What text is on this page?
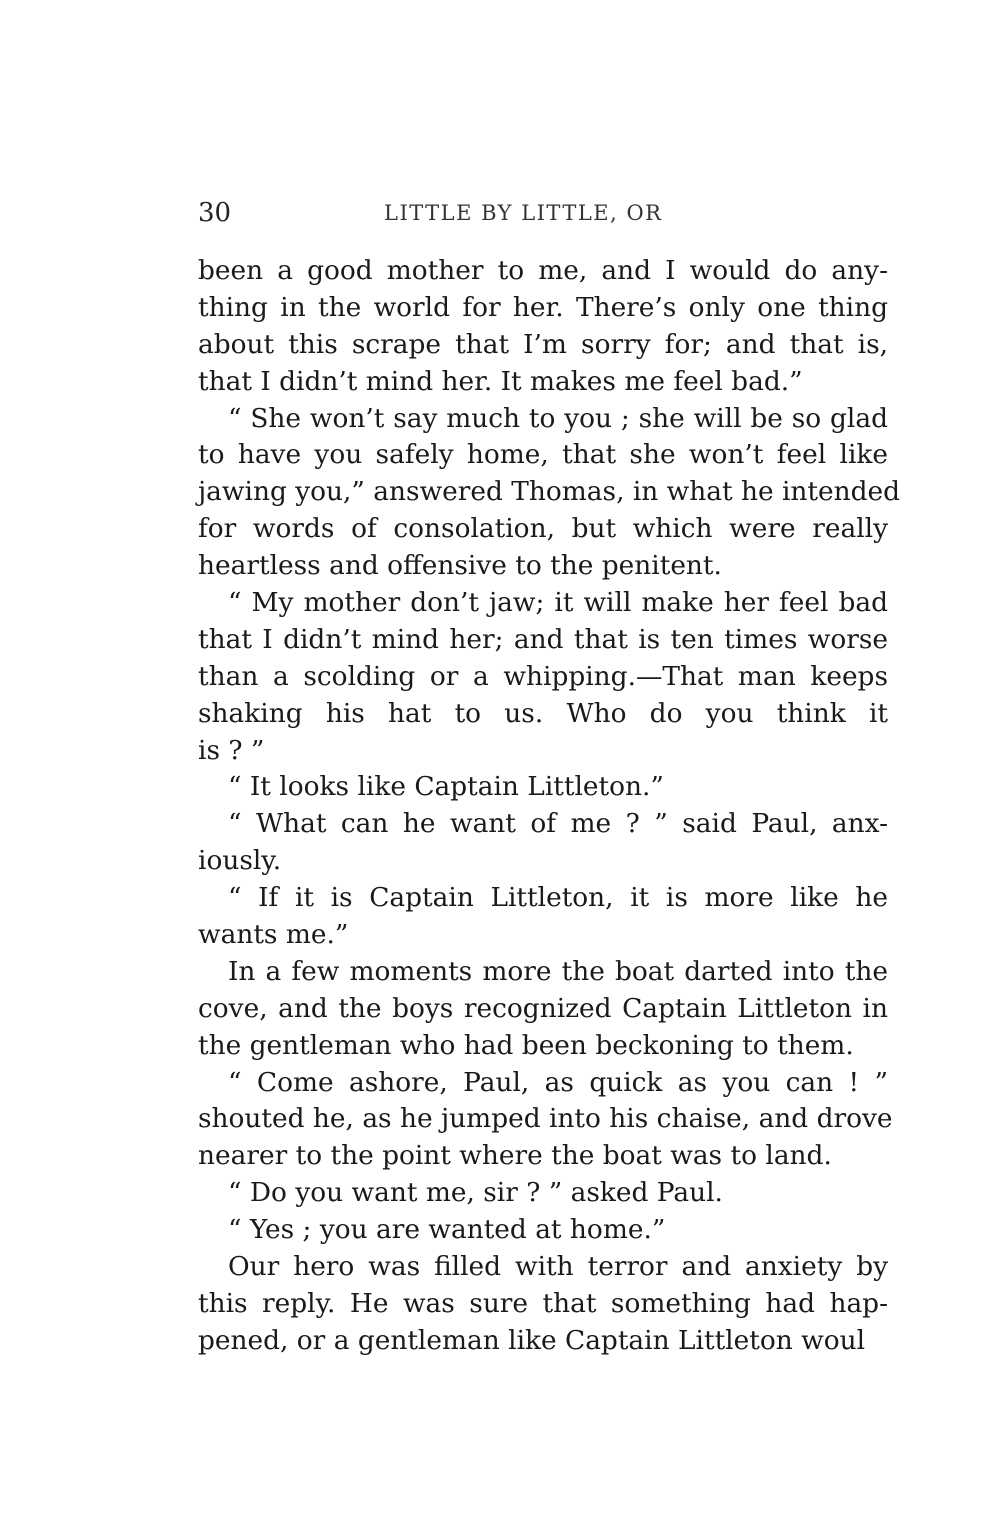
30	LITTLE BY LITTLE, OR
been a good mother to me, and I would do any-
thing in the world for her. There’s only one thing
about this scrape that I’m sorry for; and that is,
that I didn’t mind her. It makes me feel bad.”
“ She won’t say much to you ; she will be so glad
to have you safely home, that she won’t feel like
jawing you,” answered Thomas, in what he intended
for words of consolation, but which were really
heartless and offensive to the penitent.
“ My mother don’t jaw; it will make her feel bad
that I didn’t mind her; and that is ten times worse
than a scolding or a whipping.—That man keeps
shaking his hat to us. Who do you think it
is ? ”
“ It looks like Captain Littleton.”
“ What can he want of me ? ” said Paul, anx-
iously.
“ If it is Captain Littleton, it is more like he
wants me.”
In a few moments more the boat darted into the
cove, and the boys recognized Captain Littleton in
the gentleman who had been beckoning to them.
“ Come ashore, Paul, as quick as you can ! ”
shouted he, as he jumped into his chaise, and drove
nearer to the point where the boat was to land.
“ Do you want me, sir ? ” asked Paul.
“ Yes ; you are wanted at home.”
Our hero was filled with terror and anxiety by
this reply. He was sure that something had hap-
pened, or a gentleman like Captain Littleton woul
